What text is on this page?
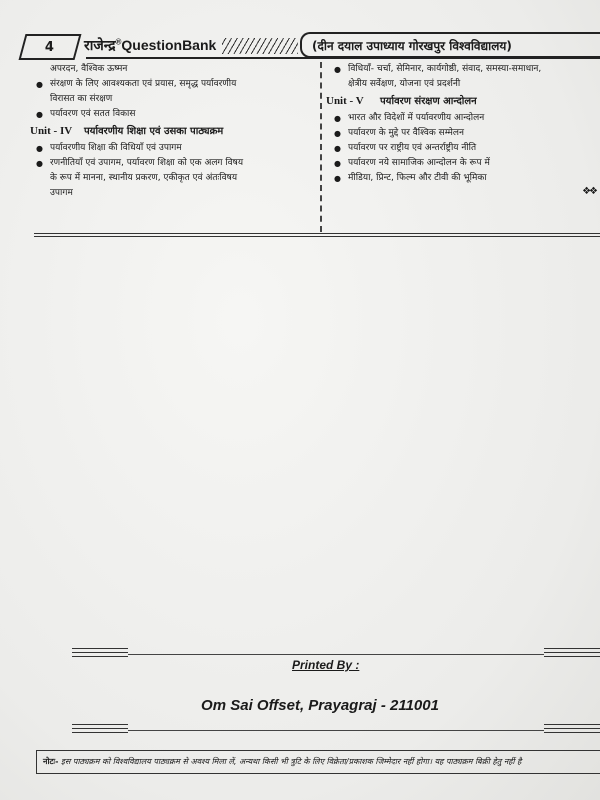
4 राजेन्द्र®QuestionBank	(दीन दयाल उपाध्याय गोरखपुर विश्वविद्यालय)
अपरदन, वैश्विक ऊष्मन
● संरक्षण के लिए आवश्यकता एवं प्रयास, समृद्ध पर्यावरणीय
विरासत का संरक्षण
● पर्यावरण एवं सतत विकास
Unit - IV पर्यावरणीय शिक्षा एवं उसका पाठ्यक्रम
● पर्यावरणीय शिक्षा की विधियाँ एवं उपागम
● रणनीतियाँ एवं उपागम, पर्यावरण शिक्षा को एक अलग विषय
के रूप में मानना, स्थानीय प्रकरण, एकीकृत एवं अंतःविषय
उपागम
● विधियाँ- चर्चा, सेमिनार, कार्यगोष्ठी, संवाद, समस्या-समाधान,
क्षेत्रीय सर्वेक्षण, योजना एवं प्रदर्शनी
Unit - V पर्यावरण संरक्षण आन्दोलन
● भारत और विदेशों में पर्यावरणीय आन्दोलन
● पर्यावरण के मुद्दे पर वैश्विक सम्मेलन
● पर्यावरण पर राष्ट्रीय एवं अन्तर्राष्ट्रीय नीति
● पर्यावरण नये सामाजिक आन्दोलन के रूप में
● मीडिया, प्रिन्ट, फिल्म और टीवी की भूमिका
❖❖
Printed By :
Om Sai Offset, Prayagraj - 211001
नोटः- इस पाठ्यक्रम को विश्वविद्यालय पाठ्यक्रम से अवश्य मिला लें, अन्यथा किसी भी त्रुटि के लिए विक्रेता/प्रकाशक जिम्मेदार नहीं होगा। यह पाठ्यक्रम बिक्री हेतु नहीं है
